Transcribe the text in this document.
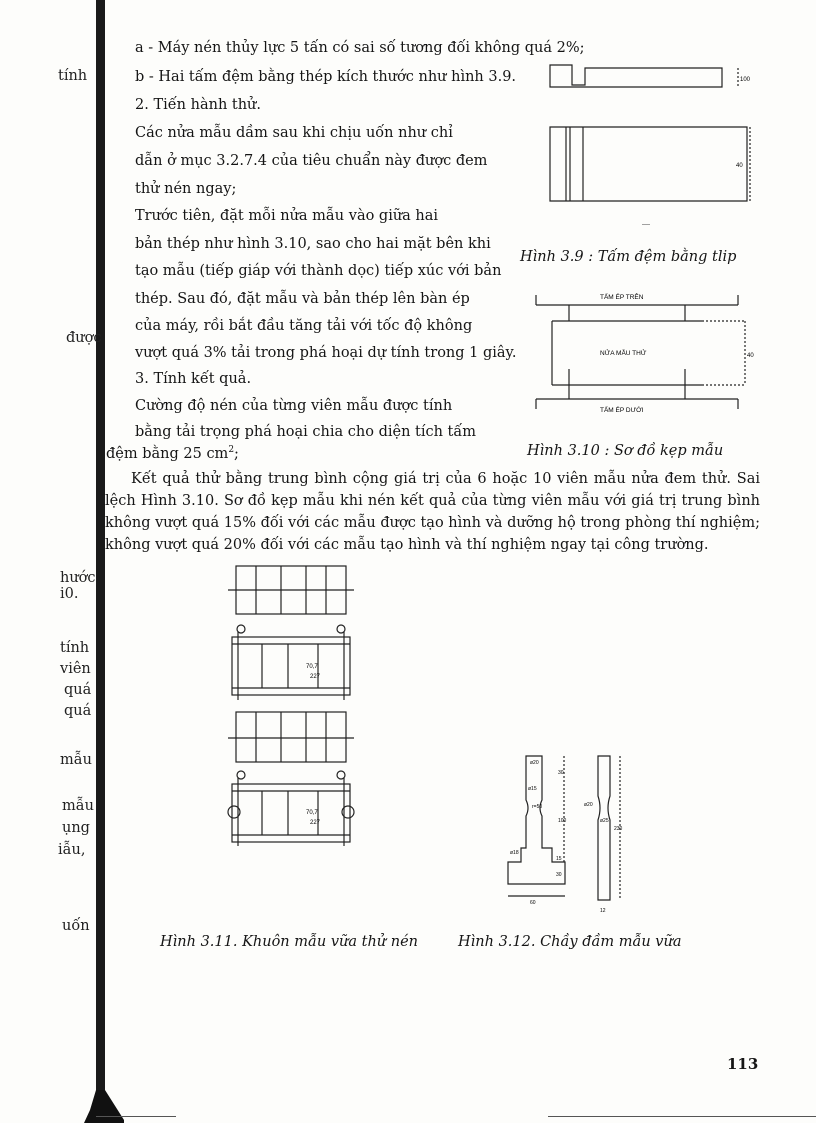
tính
được
hước
i0.
tính
viên
quá
quá
mẫu
mẫu
ụng
iẫu,
uốn
a - Máy nén thủy lực 5 tấn có sai số tương đối không quá 2%;
b - Hai tấm đệm bằng thép kích thước như hình 3.9.
2. Tiến hành thử.
Các nửa mẫu dầm sau khi chịu uốn như chỉ
dẫn ở mục 3.2.7.4 của tiêu chuẩn này được đem
thử nén ngay;
Trước tiên, đặt mỗi nửa mẫu vào giữa hai
bản thép như hình 3.10, sao cho hai mặt bên khi
tạo mẫu (tiếp giáp với thành dọc) tiếp xúc với bản
thép. Sau đó, đặt mẫu và bản thép lên bàn ép
của máy, rồi bắt đầu tăng tải với tốc độ không
vượt quá 3% tải trong phá hoại dự tính trong 1 giây.
3. Tính kết quả.
Cường độ nén của từng viên mẫu được tính
bằng tải trọng phá hoại chia cho diện tích tấm
đệm bằng 25 $cm^2$;
Kết quả thử bằng trung bình cộng giá trị của 6 hoặc 10 viên mẫu nửa đem thử. Sai lệch Hình 3.10. Sơ đồ kẹp mẫu khi nén kết quả của từng viên mẫu với giá trị trung bình không vượt quá 15% đối với các mẫu được tạo hình và dưỡng hộ trong phòng thí nghiệm; không vượt quá 20% đối với các mẫu tạo hình và thí nghiệm ngay tại công trường.
100
40
----
Hình 3.9 : Tấm đệm bằng tlip
TẤM ÉP TRÊN
NỬA MẪU THỬ
TẤM ÉP DƯỚI
40
Hình 3.10 : Sơ đồ kẹp mẫu
70,7
70,7
227
227
Hình 3.11. Khuôn mẫu vữa thử nén
ø20
30
ø15
r=50
100
ø18
ø20
230
15
30
60
ø25
12
Hình 3.12. Chầy đầm mẫu vữa
113
